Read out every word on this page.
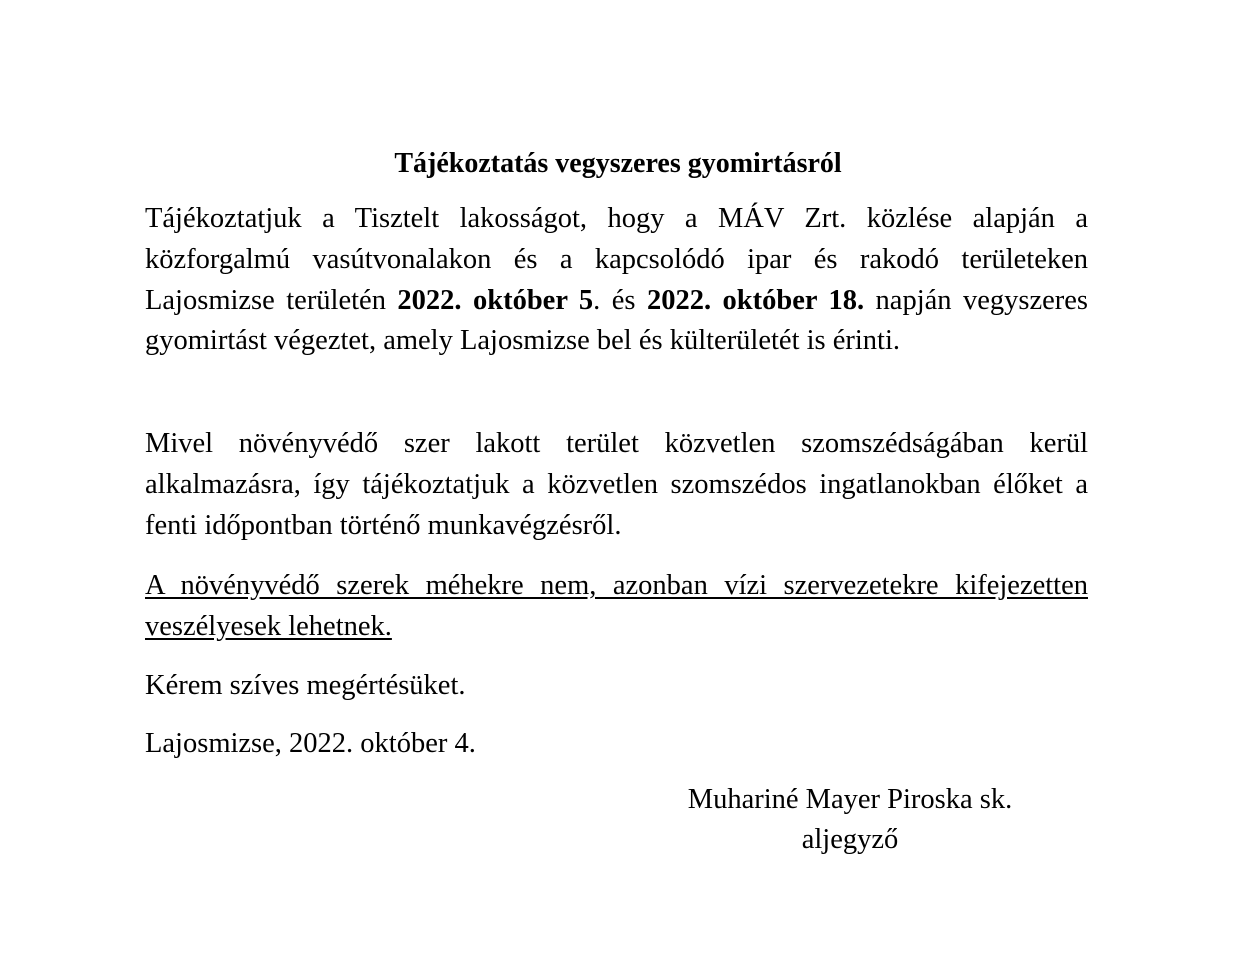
Tájékoztatás vegyszeres gyomirtásról

Tájékoztatjuk a Tisztelt lakosságot, hogy a MÁV Zrt. közlése alapján a közforgalmú vasútvonalakon és a kapcsolódó ipar és rakodó területeken Lajosmizse területén 2022. október 5. és 2022. október 18. napján vegyszeres gyomirtást végeztet, amely Lajosmizse bel és külterületét is érinti.

Mivel növényvédő szer lakott terület közvetlen szomszédságában kerül alkalmazásra, így tájékoztatjuk a közvetlen szomszédos ingatlanokban élőket a fenti időpontban történő munkavégzésről.

A növényvédő szerek méhekre nem, azonban vízi szervezetekre kifejezetten veszélyesek lehetnek.

Kérem szíves megértésüket.

Lajosmizse, 2022. október 4.

Muhariné Mayer Piroska sk.

aljegyző
